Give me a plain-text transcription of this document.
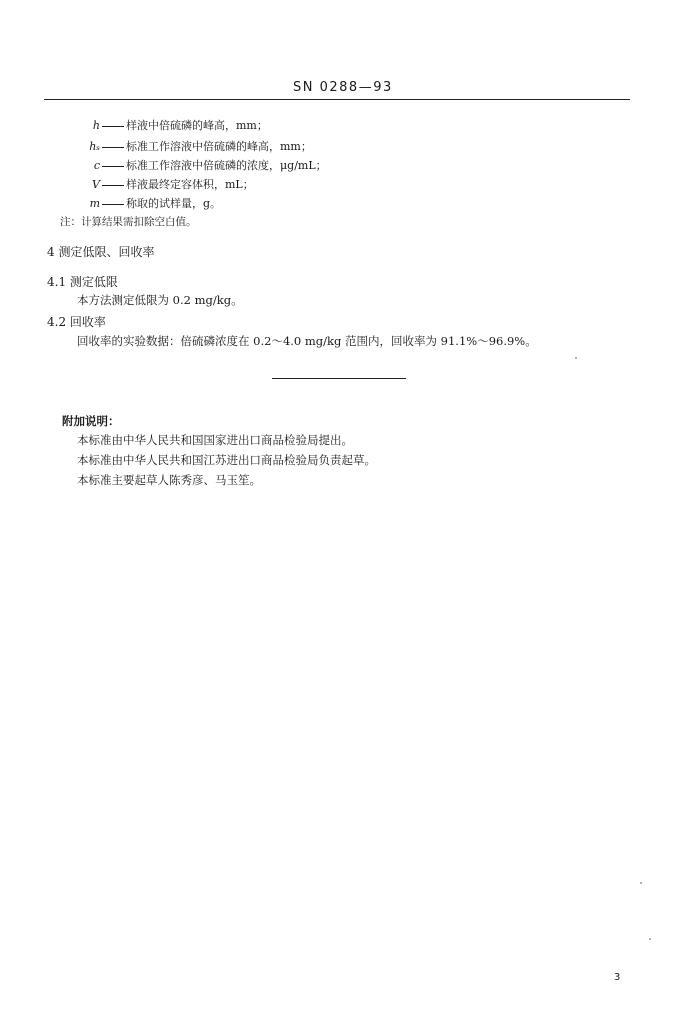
SN 0288—93
h 样液中倍硫磷的峰高，mm；
hₛ 标准工作溶液中倍硫磷的峰高，mm；
c 标准工作溶液中倍硫磷的浓度，μg/mL；
V 样液最终定容体积，mL；
m 称取的试样量，g。
注：计算结果需扣除空白值。
4 测定低限、回收率
4.1 测定低限
本方法测定低限为 0.2 mg/kg。
4.2 回收率
回收率的实验数据：倍硫磷浓度在 0.2～4.0 mg/kg 范围内，回收率为 91.1%～96.9%。
附加说明：
本标准由中华人民共和国国家进出口商品检验局提出。
本标准由中华人民共和国江苏进出口商品检验局负责起草。
本标准主要起草人陈秀彦、马玉笙。
3
